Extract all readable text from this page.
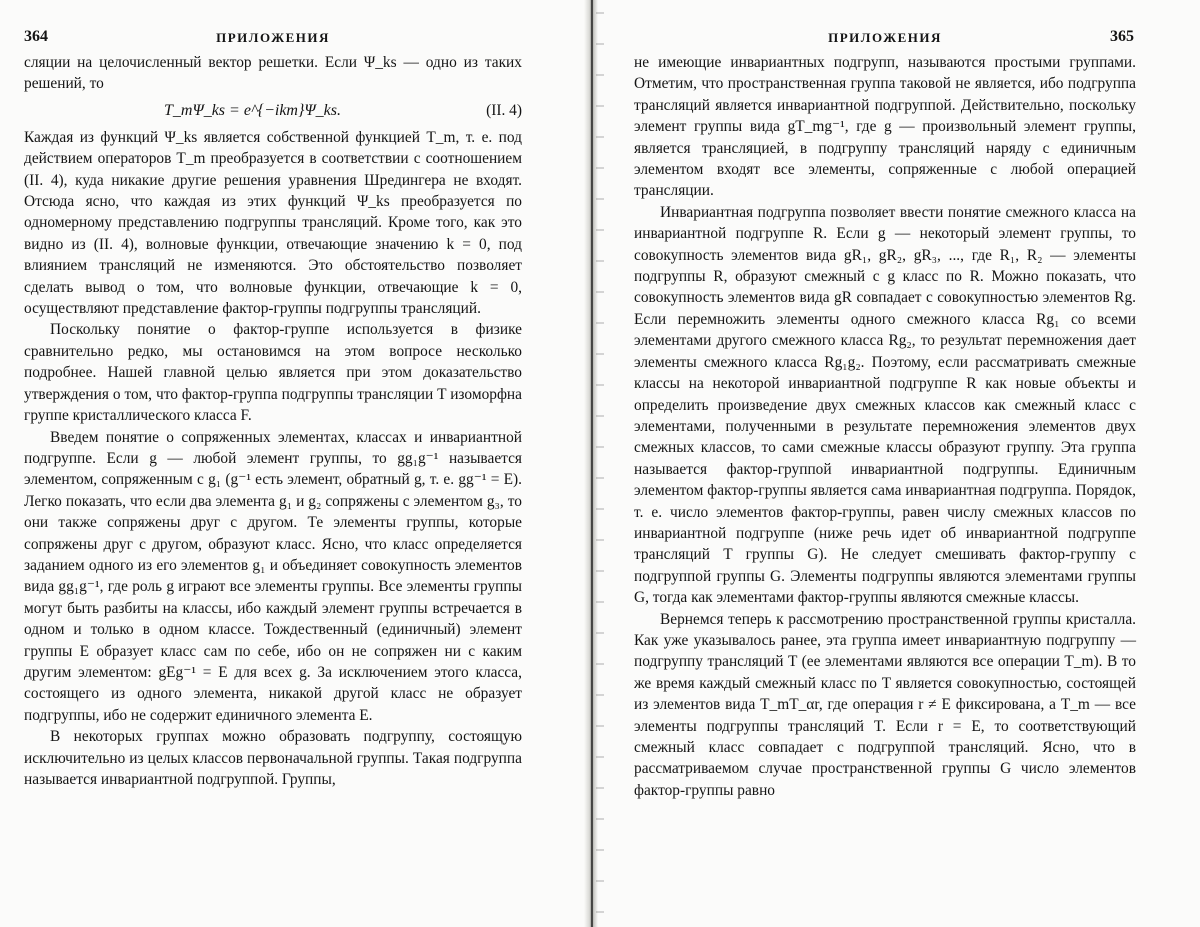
364	ПРИЛОЖЕНИЯ

сляции на целочисленный вектор решетки. Если Ψ_ks — одно из таких решений, то

T_mΨ_ks = e^{−ikm}Ψ_ks.	(II. 4)

Каждая из функций Ψ_ks является собственной функцией T_m, т. е. под действием операторов T_m преобразуется в соответствии с соотношением (II. 4), куда никакие другие решения уравнения Шредингера не входят. Отсюда ясно, что каждая из этих функций Ψ_ks преобразуется по одномерному представлению подгруппы трансляций. Кроме того, как это видно из (II. 4), волновые функции, отвечающие значению k = 0, под влиянием трансляций не изменяются. Это обстоятельство позволяет сделать вывод о том, что волновые функции, отвечающие k = 0, осуществляют представление фактор-группы подгруппы трансляций.

Поскольку понятие о фактор-группе используется в физике сравнительно редко, мы остановимся на этом вопросе несколько подробнее. Нашей главной целью является при этом доказательство утверждения о том, что фактор-группа подгруппы трансляции T изоморфна группе кристаллического класса F.

Введем понятие о сопряженных элементах, классах и инвариантной подгруппе. Если g — любой элемент группы, то gg₁g⁻¹ называется элементом, сопряженным с g₁ (g⁻¹ есть элемент, обратный g, т. е. gg⁻¹ = E). Легко показать, что если два элемента g₁ и g₂ сопряжены с элементом g₃, то они также сопряжены друг с другом. Те элементы группы, которые сопряжены друг с другом, образуют класс. Ясно, что класс определяется заданием одного из его элементов g₁ и объединяет совокупность элементов вида gg₁g⁻¹, где роль g играют все элементы группы. Все элементы группы могут быть разбиты на классы, ибо каждый элемент группы встречается в одном и только в одном классе. Тождественный (единичный) элемент группы E образует класс сам по себе, ибо он не сопряжен ни с каким другим элементом: gEg⁻¹ = E для всех g. За исключением этого класса, состоящего из одного элемента, никакой другой класс не образует подгруппы, ибо не содержит единичного элемента E.

В некоторых группах можно образовать подгруппу, состоящую исключительно из целых классов первоначальной группы. Такая подгруппа называется инвариантной подгруппой. Группы,

ПРИЛОЖЕНИЯ	365

не имеющие инвариантных подгрупп, называются простыми группами. Отметим, что пространственная группа таковой не является, ибо подгруппа трансляций является инвариантной подгруппой. Действительно, поскольку элемент группы вида gT_mg⁻¹, где g — произвольный элемент группы, является трансляцией, в подгруппу трансляций наряду с единичным элементом входят все элементы, сопряженные с любой операцией трансляции.

Инвариантная подгруппа позволяет ввести понятие смежного класса на инвариантной подгруппе R. Если g — некоторый элемент группы, то совокупность элементов вида gR₁, gR₂, gR₃, ..., где R₁, R₂ — элементы подгруппы R, образуют смежный с g класс по R. Можно показать, что совокупность элементов вида gR совпадает с совокупностью элементов Rg. Если перемножить элементы одного смежного класса Rg₁ со всеми элементами другого смежного класса Rg₂, то результат перемножения дает элементы смежного класса Rg₁g₂. Поэтому, если рассматривать смежные классы на некоторой инвариантной подгруппе R как новые объекты и определить произведение двух смежных классов как смежный класс с элементами, полученными в результате перемножения элементов двух смежных классов, то сами смежные классы образуют группу. Эта группа называется фактор-группой инвариантной подгруппы. Единичным элементом фактор-группы является сама инвариантная подгруппа. Порядок, т. е. число элементов фактор-группы, равен числу смежных классов по инвариантной подгруппе (ниже речь идет об инвариантной подгруппе трансляций T группы G). Не следует смешивать фактор-группу с подгруппой группы G. Элементы подгруппы являются элементами группы G, тогда как элементами фактор-группы являются смежные классы.

Вернемся теперь к рассмотрению пространственной группы кристалла. Как уже указывалось ранее, эта группа имеет инвариантную подгруппу — подгруппу трансляций T (ее элементами являются все операции T_m). В то же время каждый смежный класс по T является совокупностью, состоящей из элементов вида T_mT_αr, где операция r ≠ E фиксирована, а T_m — все элементы подгруппы трансляций T. Если r = E, то соответствующий смежный класс совпадает с подгруппой трансляций. Ясно, что в рассматриваемом случае пространственной группы G число элементов фактор-группы равно
